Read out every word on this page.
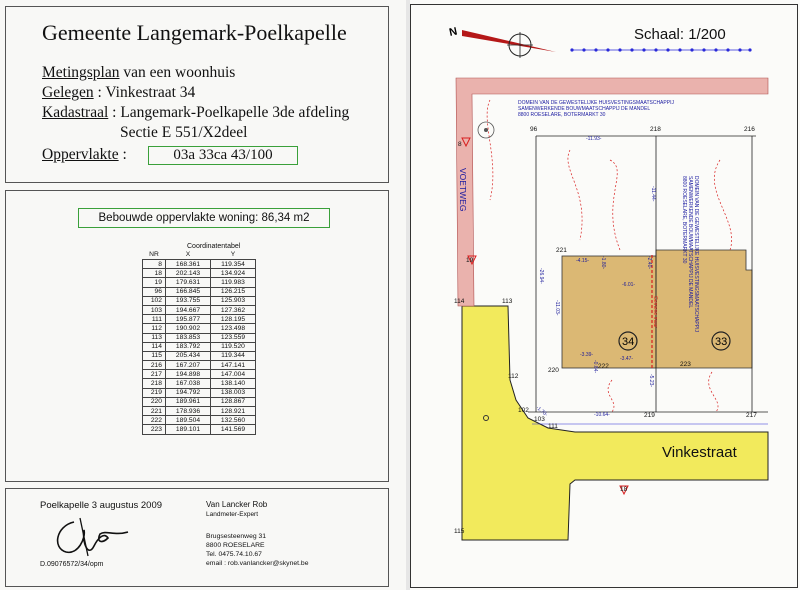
Gemeente Langemark-Poelkapelle
Metingsplan van een woonhuis
Gelegen : Vinkestraat 34
Kadastraal : Langemark-Poelkapelle 3de afdeling
Sectie E 551/X2deel
Oppervlakte :	03a 33ca 43/100
Bebouwde oppervlakte woning: 86,34 m2
Coordinatentabel
NR	X	Y
8	168.361	119.354
18	202.143	134.924
19	179.631	119.983
96	166.845	126.215
102	193.755	125.903
103	194.667	127.362
111	195.877	128.195
112	190.902	123.498
113	183.853	123.559
114	183.792	119.520
115	205.434	119.344
216	167.207	147.141
217	194.898	147.004
218	167.038	138.140
219	194.792	138.003
220	189.961	128.867
221	178.936	128.921
222	189.504	132.560
223	189.101	141.569
Poelkapelle 3 augustus 2009
D.09076572/34/opm
Van Lancker Rob
Landmeter-Expert
Brugsesteenweg 31
8800 ROESELARE
Tel. 0475.74.10.67
email : rob.vanlancker@skynet.be
N
34	33
VOETWEG
DOMEIN VAN DE GEWESTELIJKE HUISVESTINGSMAATSCHAPPIJ
SAMENWERKENDE BOUWMAATSCHAPPIJ DE MANDEL
8800 ROESELARE, BOTERMARKT 30
DOMEIN VAN DE GEWESTELIJKE HUISVESTINGSMAATSCHAPPIJ
SAMENWERKENDE BOUWMAATSCHAPPIJ DE MANDEL
8800 ROESELARE, BOTERMARKT 30
96	218	216
8
19
221
114	113
112
220
222	223
102
103
111
219	217
18
115
-11.93-
-11.44-
-26.94-
-11.03-
-4.15- -1.80-	-2.40-
-6.01-
-3.39-
-3.47-
-0.84-
-5.23-
-10.64-
-1.70-
Gemene muur
Schaal: 1/200
Vinkestraat
